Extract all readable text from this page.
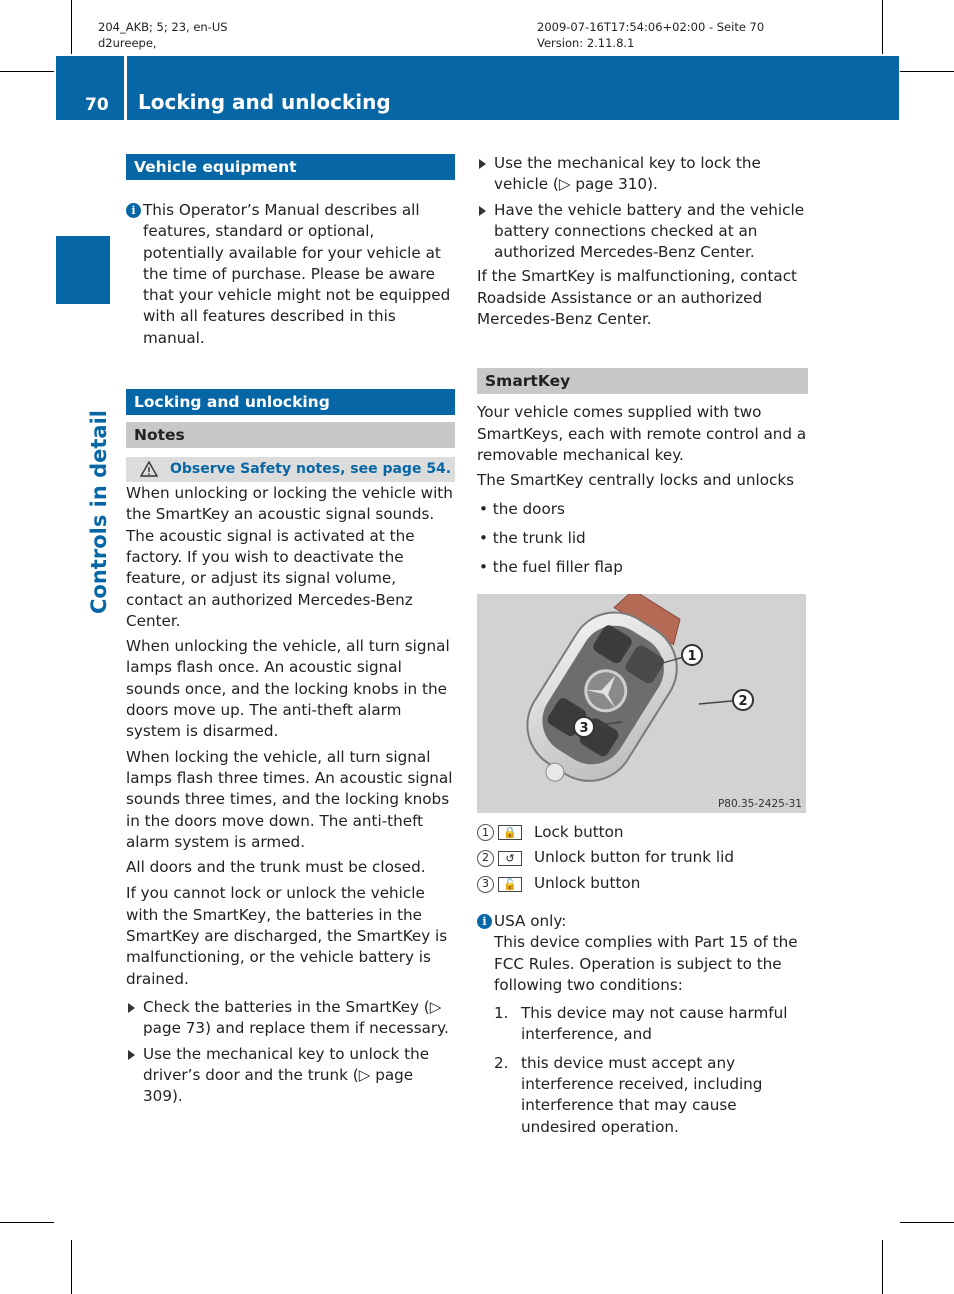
204_AKB; 5; 23, en-US
d2ureepe,
2009-07-16T17:54:06+02:00 - Seite 70
Version: 2.11.8.1
70 Locking and unlocking
Controls in detail
Vehicle equipment
i This Operator’s Manual describes all features, standard or optional, potentially available for your vehicle at the time of purchase. Please be aware that your vehicle might not be equipped with all features described in this manual.

Locking and unlocking
Notes
Observe Safety notes, see page 54.

When unlocking or locking the vehicle with the SmartKey an acoustic signal sounds. The acoustic signal is activated at the factory. If you wish to deactivate the feature, or adjust its signal volume, contact an authorized Mercedes-Benz Center.

When unlocking the vehicle, all turn signal lamps flash once. An acoustic signal sounds once, and the locking knobs in the doors move up. The anti-theft alarm system is disarmed.

When locking the vehicle, all turn signal lamps flash three times. An acoustic signal sounds three times, and the locking knobs in the doors move down. The anti-theft alarm system is armed.

All doors and the trunk must be closed.

If you cannot lock or unlock the vehicle with the SmartKey, the batteries in the SmartKey are discharged, the SmartKey is malfunctioning, or the vehicle battery is drained.

Check the batteries in the SmartKey (▷ page 73) and replace them if necessary.

Use the mechanical key to unlock the driver’s door and the trunk (▷ page 309).

Use the mechanical key to lock the vehicle (▷ page 310).

Have the vehicle battery and the vehicle battery connections checked at an authorized Mercedes-Benz Center.

If the SmartKey is malfunctioning, contact Roadside Assistance or an authorized Mercedes-Benz Center.

SmartKey

Your vehicle comes supplied with two SmartKeys, each with remote control and a removable mechanical key.

The SmartKey centrally locks and unlocks

• the doors

• the trunk lid

• the fuel filler flap

1
2
3
P80.35-2425-31
1	🔒	Lock button
2	↺	Unlock button for trunk lid
3	🔓	Unlock button
i USA only:

This device complies with Part 15 of the FCC Rules. Operation is subject to the following two conditions:

1. This device may not cause harmful interference, and

2. this device must accept any interference received, including interference that may cause undesired operation.
